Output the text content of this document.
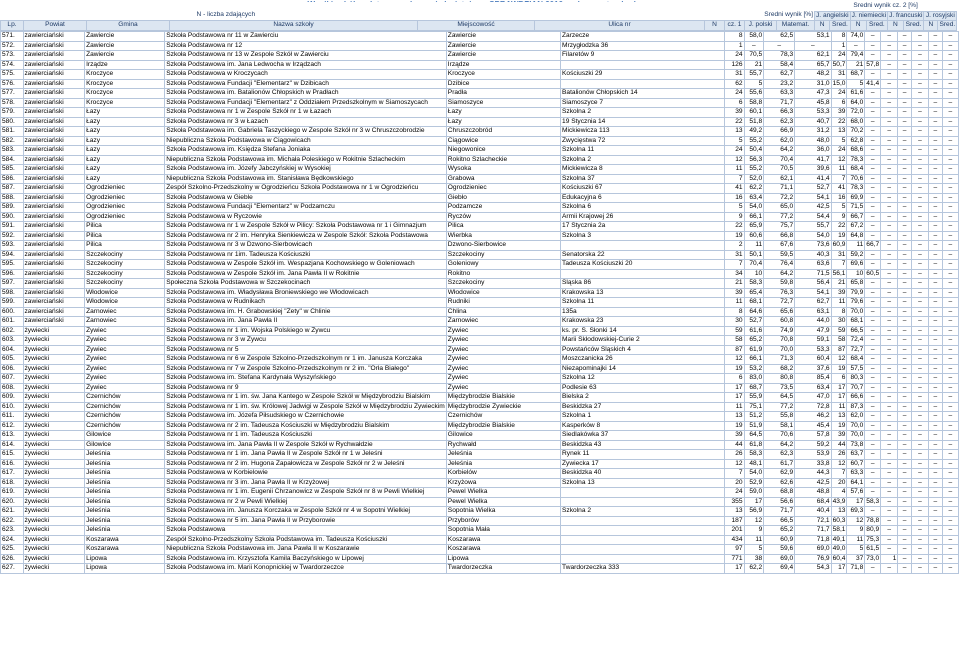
										Średni wynik cz. 2 [%]							
N - liczba zdających						Średni wynik [%]				J. angielski		J. niemiecki		J. francuski		J. rosyjski	
Lp.	Powiat	Gmina	Nazwa szkoły	Miejscowość	Ulica nr	N	cz. 1	J. polski	Matemat.	N	Śred.	N	Śred.	N	Śred.	N	Śred.
571.	zawierciański	Zawiercie	Szkoła Podstawowa nr 11 w Zawierciu	Zawiercie	Zarzecze	8	58,0	62,5	53,1	8	74,0	–	–	–	–	–	–
572.	zawierciański	Zawiercie	Szkoła Podstawowa nr 12	Zawiercie	Mrzygłodzka 36	1	–	–	–	1	–	–	–	–	–	–	–
573.	zawierciański	Zawiercie	Szkoła Podstawowa nr 13 w Zespole Szkół w Zawierciu	Zawiercie	Filaretów 9	24	70,5	78,3	62,1	24	79,4	–	–	–	–	–	–
574.	zawierciański	Irządze	Szkoła Podstawowa im. Jana Ledwocha w Irządzach	Irządze		126	21	58,4	65,7	50,7	21	57,8	–	–	–	–	–
575.	zawierciański	Kroczyce	Szkoła Podstawowa w Kroczycach	Kroczyce	Kościuszki 29	31	55,7	62,7	48,2	31	68,7	–	–	–	–	–	–
576.	zawierciański	Kroczyce	Szkoła Podstawowa Fundacji "Elementarz" w Dzibicach	Dzibice		62	5	23,2	31,0	15,0	5	41,4	–	–	–	–	–
577.	zawierciański	Kroczyce	Szkoła Podstawowa im. Batalionów Chłopskich w Pradłach	Pradła	Batalionów Chłopskich 14	24	55,6	63,3	47,3	24	61,6	–	–	–	–	–	–
578.	zawierciański	Kroczyce	Szkoła Podstawowa Fundacji "Elementarz" z Oddziałem Przedszkolnym w Siamoszycach	Siamoszyce	Siamoszyce 7	6	58,8	71,7	45,8	6	64,0	–	–	–	–	–	–
579.	zawierciański	Łazy	Szkoła Podstawowa nr 1 w Zespole Szkół nr 1 w Łazach	Łazy	Szkolna 2	39	60,1	66,3	53,3	39	72,0	–	–	–	–	–	–
580.	zawierciański	Łazy	Szkoła Podstawowa nr 3 w Łazach	Łazy	19 Stycznia 14	22	51,8	62,3	40,7	22	68,0	–	–	–	–	–	–
581.	zawierciański	Łazy	Szkoła Podstawowa im. Gabriela Taszyckiego w Zespole Szkół nr 3 w Chruszczobrodzie	Chruszczobród	Mickiewicza 113	13	49,2	66,9	31,2	13	70,2	–	–	–	–	–	–
582.	zawierciański	Łazy	Niepubliczna Szkoła Podstawowa w Ciągowicach	Ciągowice	Zwycięstwa 72	5	55,2	62,0	48,0	5	62,8	–	–	–	–	–	–
583.	zawierciański	Łazy	Szkoła Podstawowa im. Księdza Stefana Joniaka	Niegowonice	Szkolna 11	24	50,4	64,2	36,0	24	68,6	–	–	–	–	–	–
584.	zawierciański	Łazy	Niepubliczna Szkoła Podstawowa im. Michała Poleskiego w Rokitnie Szlacheckim	Rokitno Szlacheckie	Szkolna 2	12	56,3	70,4	41,7	12	78,3	–	–	–	–	–	–
585.	zawierciański	Łazy	Szkoła Podstawowa im. Józefy Jabczyńskiej w Wysokiej	Wysoka	Mickiewicza 8	11	55,2	70,5	39,6	11	68,4	–	–	–	–	–	–
586.	zawierciański	Łazy	Niepubliczna Szkoła Podstawowa im. Stanisława Będkowskiego	Grabowa	Szkolna 37	7	52,0	62,1	41,4	7	70,6	–	–	–	–	–	–
587.	zawierciański	Ogrodzieniec	Zespół Szkolno-Przedszkolny w Ogrodzieńcu Szkoła Podstawowa nr 1 w Ogrodzieńcu	Ogrodzieniec	Kościuszki 67	41	62,2	71,1	52,7	41	78,3	–	–	–	–	–	–
588.	zawierciański	Ogrodzieniec	Szkoła Podstawowa w Gieble	Giebło	Edukacyjna 6	16	63,4	72,2	54,1	16	69,9	–	–	–	–	–	–
589.	zawierciański	Ogrodzieniec	Szkoła Podstawowa Fundacji "Elementarz" w Podzamczu	Podzamcze	Szkolna 6	5	54,0	65,0	42,5	5	71,5	–	–	–	–	–	–
590.	zawierciański	Ogrodzieniec	Szkoła Podstawowa w Ryczowie	Ryczów	Armii Krajowej 26	9	66,1	77,2	54,4	9	66,7	–	–	–	–	–	–
591.	zawierciański	Pilica	Szkoła Podstawowa nr 1 w Zespole Szkół w Pilicy: Szkoła Podstawowa nr 1 i Gimnazjum	Pilica	17 Stycznia 2a	22	65,9	75,7	55,7	22	67,2	–	–	–	–	–	–
592.	zawierciański	Pilica	Szkoła Podstawowa nr 2 im. Henryka Sienkiewicza w Zespole Szkół: Szkoła Podstawowa	Wierbka	Szkolna 3	19	60,6	66,8	54,0	19	64,8	–	–	–	–	–	–
593.	zawierciański	Pilica	Szkoła Podstawowa nr 3 w Dzwono-Sierbowicach	Dzwono-Sierbowice		2	11	67,6	73,6	60,9	11	66,7	–	–	–	–	–
594.	zawierciański	Szczekociny	Szkoła Podstawowa nr 1im. Tadeusza Kościuszki	Szczekociny	Senatorska 22	31	50,1	59,5	40,3	31	59,2	–	–	–	–	–	–
595.	zawierciański	Szczekociny	Szkoła Podstawowa w Zespole Szkół im. Wespazjana Kochowskiego w Goleniowach	Goleniowy	Tadeusza Kościuszki 20	7	70,4	76,4	63,6	7	69,6	–	–	–	–	–	–
596.	zawierciański	Szczekociny	Szkoła Podstawowa w Zespole Szkół im. Jana Pawła II w Rokitnie	Rokitno		34	10	64,2	71,5	56,1	10	60,5	–	–	–	–	–
597.	zawierciański	Szczekociny	Społeczna Szkoła Podstawowa w Szczekocinach	Szczekociny	Śląska 86	21	58,3	59,8	56,4	21	65,8	–	–	–	–	–	–
598.	zawierciański	Włodowice	Szkoła Podstawowa im. Władysława Broniewskiego we Włodowicach	Włodowice	Krakowska 13	39	65,4	76,3	54,1	39	79,9	–	–	–	–	–	–
599.	zawierciański	Włodowice	Szkoła Podstawowa w Rudnikach	Rudniki	Szkolna 11	11	68,1	72,7	62,7	11	79,6	–	–	–	–	–	–
600.	zawierciański	Żarnowiec	Szkoła Podstawowa im. H. Grabowskiej "Zety" w Chlinie	Chlina	135a	8	64,6	65,6	63,1	8	70,0	–	–	–	–	–	–
601.	zawierciański	Żarnowiec	Szkoła Podstawowa im. Jana Pawła II	Żarnowiec	Krakowska 23	30	52,7	60,8	44,0	30	68,1	–	–	–	–	–	–
602.	żywiecki	Żywiec	Szkoła Podstawowa nr 1 im. Wojska Polskiego w Żywcu	Żywiec	ks. pr. S. Słonki 14	59	61,6	74,9	47,9	59	66,5	–	–	–	–	–	–
603.	żywiecki	Żywiec	Szkoła Podstawowa nr 3 w Żywcu	Żywiec	Marii Skłodowskiej-Curie 2	58	65,2	70,8	59,1	58	72,4	–	–	–	–	–	–
604.	żywiecki	Żywiec	Szkoła Podstawowa nr 5	Żywiec	Powstańców Śląskich 4	87	61,9	70,0	53,3	87	72,7	–	–	–	–	–	–
605.	żywiecki	Żywiec	Szkoła Podstawowa nr 6 w Zespole Szkolno-Przedszkolnym nr 1 im. Janusza Korczaka	Żywiec	Moszczanicka 26	12	66,1	71,3	60,4	12	68,4	–	–	–	–	–	–
606.	żywiecki	Żywiec	Szkoła Podstawowa nr 7 w Zespole Szkolno-Przedszkolnym nr 2 im. "Orła Białego"	Żywiec	Niezapominajki 14	19	53,2	68,2	37,6	19	57,5	–	–	–	–	–	–
607.	żywiecki	Żywiec	Szkoła Podstawowa im. Stefana Kardynała Wyszyńskiego	Żywiec	Szkolna 12	6	83,0	80,8	85,4	6	80,3	–	–	–	–	–	–
608.	żywiecki	Żywiec	Szkoła Podstawowa nr 9	Żywiec	Podlesie 63	17	68,7	73,5	63,4	17	70,7	–	–	–	–	–	–
609.	żywiecki	Czernichów	Szkoła Podstawowa nr 1 im. św. Jana Kantego w Zespole Szkół w Międzybrodziu Bialskim	Międzybrodzie Bialskie	Bielska 2	17	55,9	64,5	47,0	17	66,6	–	–	–	–	–	–
610.	żywiecki	Czernichów	Szkoła Podstawowa nr 1 im. św. Królowej Jadwigi w Zespole Szkół w Międzybrodziu Żywieckim	Międzybrodzie Żywieckie	Beskidzka 27	11	75,1	77,2	72,8	11	87,3	–	–	–	–	–	–
611.	żywiecki	Czernichów	Szkoła Podstawowa im. Józefa Piłsudskiego w Czernichowie	Czernichów	Szkolna 1	13	51,2	55,8	46,2	13	62,0	–	–	–	–	–	–
612.	żywiecki	Czernichów	Szkoła Podstawowa nr 2 im. Tadeusza Kościuszki w Międzybrodziu Bialskim	Międzybrodzie Bialskie	Kasperków 8	19	51,9	58,1	45,4	19	70,0	–	–	–	–	–	–
613.	żywiecki	Gilowice	Szkoła Podstawowa nr 1 im. Tadeusza Kościuszki	Gilowice	Siedlakówka 37	39	64,5	70,6	57,8	39	70,0	–	–	–	–	–	–
614.	żywiecki	Gilowice	Szkoła Podstawowa im. Jana Pawła II w Zespole Szkół w Rychwałdzie	Rychwałd	Beskidzka 43	44	61,8	64,2	59,2	44	73,8	–	–	–	–	–	–
615.	żywiecki	Jeleśnia	Szkoła Podstawowa nr 1 im. Jana Pawła II w Zespole Szkół nr 1 w Jeleśni	Jeleśnia	Rynek 11	26	58,3	62,3	53,9	26	63,7	–	–	–	–	–	–
616.	żywiecki	Jeleśnia	Szkoła Podstawowa nr 2 im. Hugona Zapałowicza w Zespole Szkół nr 2 w Jeleśni	Jeleśnia	Żywiecka 17	12	48,1	61,7	33,8	12	60,7	–	–	–	–	–	–
617.	żywiecki	Jeleśnia	Szkoła Podstawowa w Korbielowie	Korbielów	Beskidzka 40	7	54,0	62,9	44,3	7	63,3	–	–	–	–	–	–
618.	żywiecki	Jeleśnia	Szkoła Podstawowa nr 3 im. Jana Pawła II w Krzyżowej	Krzyżowa	Szkolna 13	20	52,9	62,6	42,5	20	64,1	–	–	–	–	–	–
619.	żywiecki	Jeleśnia	Szkoła Podstawowa nr 1 im. Eugenii Chrzanowicz w Zespole Szkół nr 8 w Pewli Wielkiej	Pewel Wielka		24	59,0	68,8	48,8	4	57,6	–	–	–	–	–	–
620.	żywiecki	Jeleśnia	Szkoła Podstawowa nr 2 w Pewli Wielkiej	Pewel Wielka		355	17	56,6	68,4	43,9	17	58,3	–	–	–	–	–
621.	żywiecki	Jeleśnia	Szkoła Podstawowa im. Janusza Korczaka w Zespole Szkół nr 4 w Sopotni Wielkiej	Sopotnia Wielka	Szkolna 2	13	56,9	71,7	40,4	13	69,3	–	–	–	–	–	–
622.	żywiecki	Jeleśnia	Szkoła Podstawowa nr 5 im. Jana Pawła II w Przyborowie	Przyborów		187	12	66,5	72,1	60,3	12	78,8	–	–	–	–	–
623.	żywiecki	Jeleśnia	Szkoła Podstawowa	Sopotnia Mała		201	9	65,2	71,7	58,1	9	80,9	–	–	–	–	–
624.	żywiecki	Koszarawa	Zespół Szkolno-Przedszkolny Szkoła Podstawowa im. Tadeusza Kościuszki	Koszarawa		434	11	60,9	71,8	49,1	11	75,3	–	–	–	–	–
625.	żywiecki	Koszarawa	Niepubliczna Szkoła Podstawowa im. Jana Pawła II w Koszarawie	Koszarawa		97	5	59,6	69,0	49,0	5	61,5	–	–	–	–	–
626.	żywiecki	Lipowa	Szkoła Podstawowa im. Krzysztofa Kamila Baczyńskiego w Lipowej	Lipowa		771	38	69,0	76,9	60,4	37	73,0	1	–	–	–	–
627.	żywiecki	Lipowa	Szkoła Podstawowa im. Marii Konopnickiej w Twardorzeczce	Twardorzeczka	Twardorzeczka 333	17	62,2	69,4	54,3	17	71,8	–	–	–	–	–	–
